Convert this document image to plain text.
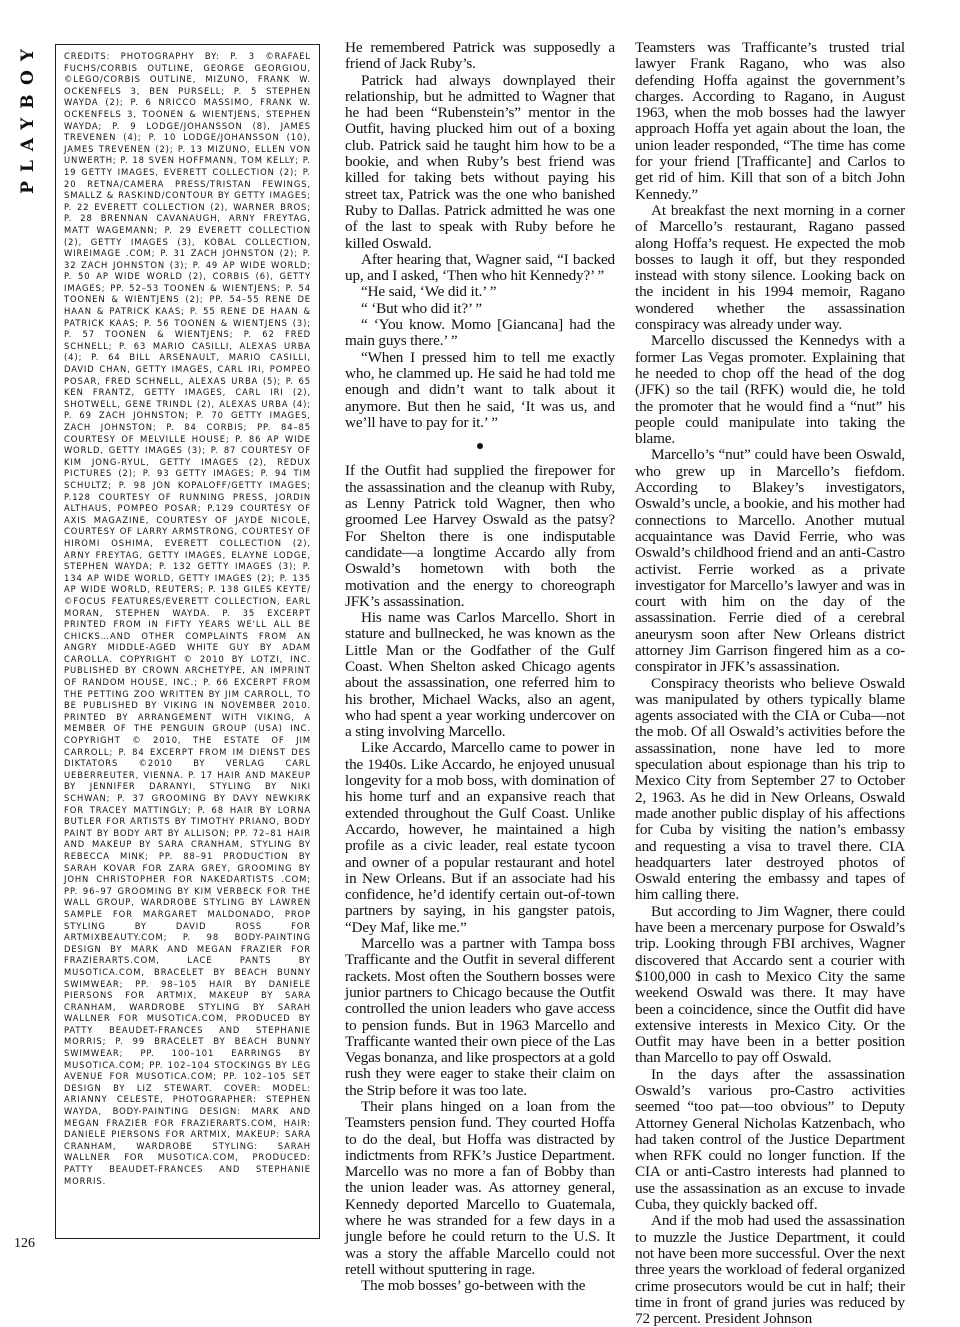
PLAYBOY	CREDITS: PHOTOGRAPHY BY: P. 3 ©RAFAEL FUCHS/CORBIS OUTLINE, GEORGE GEORGIOU, ©LEGO/CORBIS OUTLINE, MIZUNO, FRANK W. OCKENFELS 3, BEN PURSELL; P. 5 STEPHEN WAYDA (2); P. 6 NRICCO MASSIMO, FRANK W. OCKENFELS 3, TOONEN & WIENTJENS, STEPHEN WAYDA; P. 9 LODGE/JOHANSSON (8), JAMES TREVENEN (4); P. 10 LODGE/JOHANSSON (10), JAMES TREVENEN (2); P. 13 MIZUNO, ELLEN VON UNWERTH; P. 18 SVEN HOFFMANN, TOM KELLY; P. 19 GETTY IMAGES, EVERETT COLLECTION (2); P. 20 RETNA/CAMERA PRESS/TRISTAN FEWINGS, SMALLZ & RASKIND/CONTOUR BY GETTY IMAGES; P. 22 EVERETT COLLECTION (2), WARNER BROS; P. 28 BRENNAN CAVANAUGH, ARNY FREYTAG, MATT WAGEMANN; P. 29 EVERETT COLLECTION (2), GETTY IMAGES (3), KOBAL COLLECTION, WIREIMAGE .COM; P. 31 ZACH JOHNSTON (2); P. 32 ZACH JOHNSTON (3); P. 49 AP WIDE WORLD; P. 50 AP WIDE WORLD (2), CORBIS (6), GETTY IMAGES; PP. 52–53 TOONEN & WIENTJENS; P. 54 TOONEN & WIENTJENS (2); PP. 54–55 RENE DE HAAN & PATRICK KAAS; P. 55 RENE DE HAAN & PATRICK KAAS; P. 56 TOONEN & WIENTJENS (3); P. 57 TOONEN & WIENTJENS; P. 62 FRED SCHNELL; P. 63 MARIO CASILLI, ALEXAS URBA (4); P. 64 BILL ARSENAULT, MARIO CASILLI, DAVID CHAN, GETTY IMAGES, CARL IRI, POMPEO POSAR, FRED SCHNELL, ALEXAS URBA (5); P. 65 KEN FRANTZ, GETTY IMAGES, CARL IRI (2), SHOTWELL, GENE TRINDL (2), ALEXAS URBA (4); P. 69 ZACH JOHNSTON; P. 70 GETTY IMAGES, ZACH JOHNSTON; P. 84 CORBIS; PP. 84–85 COURTESY OF MELVILLE HOUSE; P. 86 AP WIDE WORLD, GETTY IMAGES (3); P. 87 COURTESY OF KIM JONG-RYUL, GETTY IMAGES (2), REDUX PICTURES (2); P. 93 GETTY IMAGES; P. 94 TIM SCHULTZ; P. 98 JON KOPALOFF/GETTY IMAGES; P.128 COURTESY OF RUNNING PRESS, JORDIN ALTHAUS, POMPEO POSAR; P.129 COURTESY OF AXIS MAGAZINE, COURTESY OF JAYDE NICOLE, COURTESY OF LARRY ARMSTRONG, COURTESY OF HIROMI OSHIMA, EVERETT COLLECTION (2), ARNY FREYTAG, GETTY IMAGES, ELAYNE LODGE, STEPHEN WAYDA; P. 132 GETTY IMAGES (3); P. 134 AP WIDE WORLD, GETTY IMAGES (2); P. 135 AP WIDE WORLD, REUTERS; P. 138 GILES KEYTE/©FOCUS FEATURES/EVERETT COLLECTION, EARL MORAN, STEPHEN WAYDA. P. 35 EXCERPT PRINTED FROM IN FIFTY YEARS WE'LL ALL BE CHICKS…AND OTHER COMPLAINTS FROM AN ANGRY MIDDLE-AGED WHITE GUY BY ADAM CAROLLA. COPYRIGHT © 2010 BY LOTZI, INC. PUBLISHED BY CROWN ARCHETYPE, AN IMPRINT OF RANDOM HOUSE, INC.; P. 66 EXCERPT FROM THE PETTING ZOO WRITTEN BY JIM CARROLL, TO BE PUBLISHED BY VIKING IN NOVEMBER 2010. PRINTED BY ARRANGEMENT WITH VIKING, A MEMBER OF THE PENGUIN GROUP (USA) INC. COPYRIGHT © 2010, THE ESTATE OF JIM CARROLL; P. 84 EXCERPT FROM IM DIENST DES DIKTATORS ©2010 BY VERLAG CARL UEBERREUTER, VIENNA. P. 17 HAIR AND MAKEUP BY JENNIFER DARANYI, STYLING BY NIKI SCHWAN; P. 37 GROOMING BY DAVY NEWKIRK FOR TRACEY MATTINGLY; P. 68 HAIR BY LORNA BUTLER FOR ARTISTS BY TIMOTHY PRIANO, BODY PAINT BY BODY ART BY ALLISON; PP. 72–81 HAIR AND MAKEUP BY SARA CRANHAM, STYLING BY REBECCA MINK; PP. 88–91 PRODUCTION BY SARAH KOVAR FOR ZARA GREY, GROOMING BY JOHN CHRISTOPHER FOR NAKEDARTISTS .COM; PP. 96–97 GROOMING BY KIM VERBECK FOR THE WALL GROUP, WARDROBE STYLING BY LAWREN SAMPLE FOR MARGARET MALDONADO, PROP STYLING BY DAVID ROSS FOR ARTMIXBEAUTY.COM; P. 98 BODY-PAINTING DESIGN BY MARK AND MEGAN FRAZIER FOR FRAZIERARTS.COM, LACE PANTS BY MUSOTICA.COM, BRACELET BY BEACH BUNNY SWIMWEAR; PP. 98–105 HAIR BY DANIELE PIERSONS FOR ARTMIX, MAKEUP BY SARA CRANHAM, WARDROBE STYLING BY SARAH WALLNER FOR MUSOTICA.COM, PRODUCED BY PATTY BEAUDET-FRANCES AND STEPHANIE MORRIS; P. 99 BRACELET BY BEACH BUNNY SWIMWEAR; PP. 100–101 EARRINGS BY MUSOTICA.COM; PP. 102–104 STOCKINGS BY LEG AVENUE FOR MUSOTICA.COM; PP. 102–105 SET DESIGN BY LIZ STEWART. COVER: MODEL: ARIANNY CELESTE, PHOTOGRAPHER: STEPHEN WAYDA, BODY-PAINTING DESIGN: MARK AND MEGAN FRAZIER FOR FRAZIERARTS.COM, HAIR: DANIELE PIERSONS FOR ARTMIX, MAKEUP: SARA CRANHAM, WARDROBE STYLING: SARAH WALLNER FOR MUSOTICA.COM, PRODUCED: PATTY BEAUDET-FRANCES AND STEPHANIE MORRIS.

He remembered Patrick was supposedly a friend of Jack Ruby’s.

Patrick had always downplayed their relationship, but he admitted to Wagner that he had been “Rubenstein’s” mentor in the Outfit, having plucked him out of a boxing club. Patrick said he taught him how to be a bookie, and when Ruby’s best friend was killed for taking bets without paying his street tax, Patrick was the one who banished Ruby to Dallas. Patrick admitted he was one of the last to speak with Ruby before he killed Oswald.

After hearing that, Wagner said, “I backed up, and I asked, ‘Then who hit Kennedy?’ ”

“He said, ‘We did it.’ ”

“ ‘But who did it?’ ”

“ ‘You know. Momo [Giancana] had the main guys there.’ ”

“When I pressed him to tell me exactly who, he clammed up. He said he had told me enough and didn’t want to talk about it anymore. But then he said, ‘It was us, and we’ll have to pay for it.’ ”

●

If the Outfit had supplied the firepower for the assassination and the cleanup with Ruby, as Lenny Patrick told Wagner, then who groomed Lee Harvey Oswald as the patsy? For Shelton there is one indisputable candidate—a longtime Accardo ally from Oswald’s hometown with both the motivation and the energy to choreograph JFK’s assassination.

His name was Carlos Marcello. Short in stature and bullnecked, he was known as the Little Man or the Godfather of the Gulf Coast. When Shelton asked Chicago agents about the assassination, one referred him to his brother, Michael Wacks, also an agent, who had spent a year working undercover on a sting involving Marcello.

Like Accardo, Marcello came to power in the 1940s. Like Accardo, he enjoyed unusual longevity for a mob boss, with domination of his home turf and an expansive reach that extended throughout the Gulf Coast. Unlike Accardo, however, he maintained a high profile as a civic leader, real estate tycoon and owner of a popular restaurant and hotel in New Orleans. But if an associate had his confidence, he’d identify certain out-of-town partners by saying, in his gangster patois, “Dey Maf, like me.”

Marcello was a partner with Tampa boss Trafficante and the Outfit in several different rackets. Most often the Southern bosses were junior partners to Chicago because the Outfit controlled the union leaders who gave access to pension funds. But in 1963 Marcello and Trafficante wanted their own piece of the Las Vegas bonanza, and like prospectors at a gold rush they were eager to stake their claim on the Strip before it was too late.

Their plans hinged on a loan from the Teamsters pension fund. They courted Hoffa to do the deal, but Hoffa was distracted by indictments from RFK’s Justice Department. Marcello was no more a fan of Bobby than the union leader was. As attorney general, Kennedy deported Marcello to Guatemala, where he was stranded for a few days in a jungle before he could return to the U.S. It was a story the affable Marcello could not retell without sputtering in rage.

The mob bosses’ go-between with the

Teamsters was Trafficante’s trusted trial lawyer Frank Ragano, who was also defending Hoffa against the government’s charges. According to Ragano, in August 1963, when the mob bosses had the lawyer approach Hoffa yet again about the loan, the union leader responded, “The time has come for your friend [Trafficante] and Carlos to get rid of him. Kill that son of a bitch John Kennedy.”

At breakfast the next morning in a corner of Marcello’s restaurant, Ragano passed along Hoffa’s request. He expected the mob bosses to laugh it off, but they responded instead with stony silence. Looking back on the incident in his 1994 memoir, Ragano wondered whether the assassination conspiracy was already under way.

Marcello discussed the Kennedys with a former Las Vegas promoter. Explaining that he needed to chop off the head of the dog (JFK) so the tail (RFK) would die, he told the promoter that he would find a “nut” his people could manipulate into taking the blame.

Marcello’s “nut” could have been Oswald, who grew up in Marcello’s fiefdom. According to Blakey’s investigators, Oswald’s uncle, a bookie, and his mother had connections to Marcello. Another mutual acquaintance was David Ferrie, who was Oswald’s childhood friend and an anti-Castro activist. Ferrie worked as a private investigator for Marcello’s lawyer and was in court with him on the day of the assassination. Ferrie died of a cerebral aneurysm soon after New Orleans district attorney Jim Garrison fingered him as a co-conspirator in JFK’s assassination.

Conspiracy theorists who believe Oswald was manipulated by others typically blame agents associated with the CIA or Cuba—not the mob. Of all Oswald’s activities before the assassination, none have led to more speculation about espionage than his trip to Mexico City from September 27 to October 2, 1963. As he did in New Orleans, Oswald made another public display of his affections for Cuba by visiting the nation’s embassy and requesting a visa to travel there. CIA headquarters later destroyed photos of Oswald entering the embassy and tapes of him calling there.

But according to Jim Wagner, there could have been a mercenary purpose for Oswald’s trip. Looking through FBI archives, Wagner discovered that Accardo sent a courier with $100,000 in cash to Mexico City the same weekend Oswald was there. It may have been a coincidence, since the Outfit did have extensive interests in Mexico City. Or the Outfit may have been in a better position than Marcello to pay off Oswald.

In the days after the assassination Oswald’s various pro-Castro activities seemed “too pat—too obvious” to Deputy Attorney General Nicholas Katzenbach, who had taken control of the Justice Department when RFK could no longer function. If the CIA or anti-Castro interests had planned to use the assassination as an excuse to invade Cuba, they quickly backed off.

And if the mob had used the assassination to muzzle the Justice Department, it could not have been more successful. Over the next three years the workload of federal organized crime prosecutors would be cut in half; their time in front of grand juries was reduced by 72 percent. President Johnson

126
